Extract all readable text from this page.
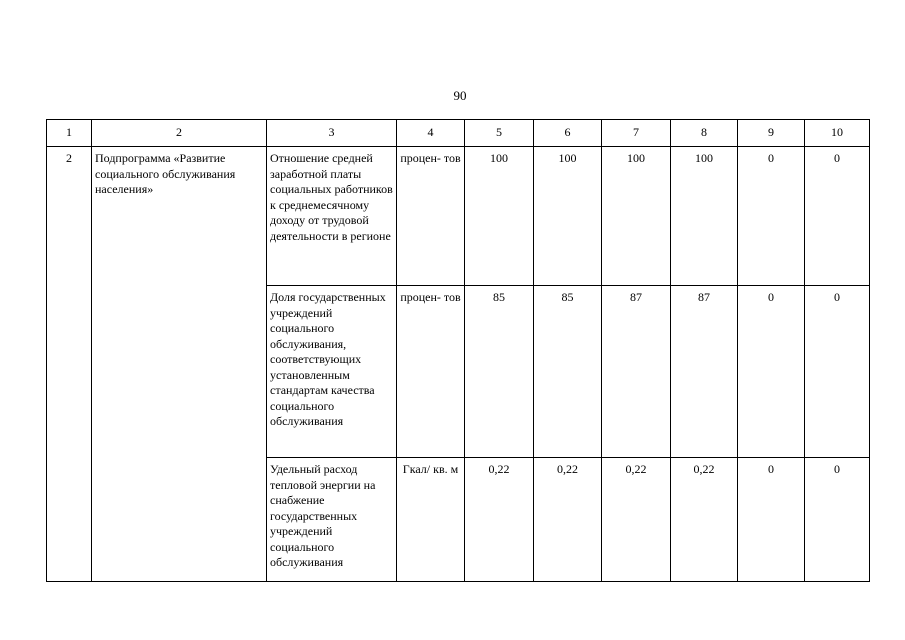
90
1	2	3	4	5	6	7	8	9	10
2	Подпрограмма «Развитие социального обслуживания населения»	Отношение средней заработной платы социальных работников к среднемесячному доходу от трудовой деятельности в регионе	процен- тов	100	100	100	100	0	0
		Доля государственных учреждений социального обслуживания, соответствующих установленным стандартам качества социального обслуживания	процен- тов	85	85	87	87	0	0
		Удельный расход тепловой энергии на снабжение государственных учреждений социального обслуживания	Гкал/ кв. м	0,22	0,22	0,22	0,22	0	0
